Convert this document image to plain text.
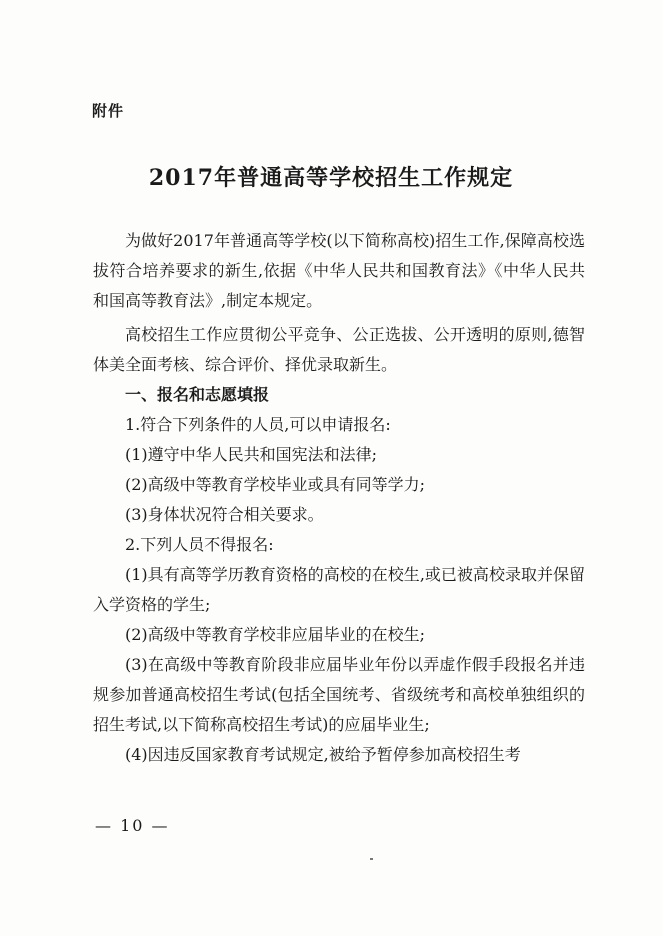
附件
2017年普通高等学校招生工作规定

为做好2017年普通高等学校(以下简称高校)招生工作,保障高校选拔符合培养要求的新生,依据《中华人民共和国教育法》《中华人民共和国高等教育法》,制定本规定。

高校招生工作应贯彻公平竞争、公正选拔、公开透明的原则,德智体美全面考核、综合评价、择优录取新生。

一、报名和志愿填报

1.符合下列条件的人员,可以申请报名:

(1)遵守中华人民共和国宪法和法律;

(2)高级中等教育学校毕业或具有同等学力;

(3)身体状况符合相关要求。

2.下列人员不得报名:

(1)具有高等学历教育资格的高校的在校生,或已被高校录取并保留入学资格的学生;

(2)高级中等教育学校非应届毕业的在校生;

(3)在高级中等教育阶段非应届毕业年份以弄虚作假手段报名并违规参加普通高校招生考试(包括全国统考、省级统考和高校单独组织的招生考试,以下简称高校招生考试)的应届毕业生;

(4)因违反国家教育考试规定,被给予暂停参加高校招生考

— 10 —
